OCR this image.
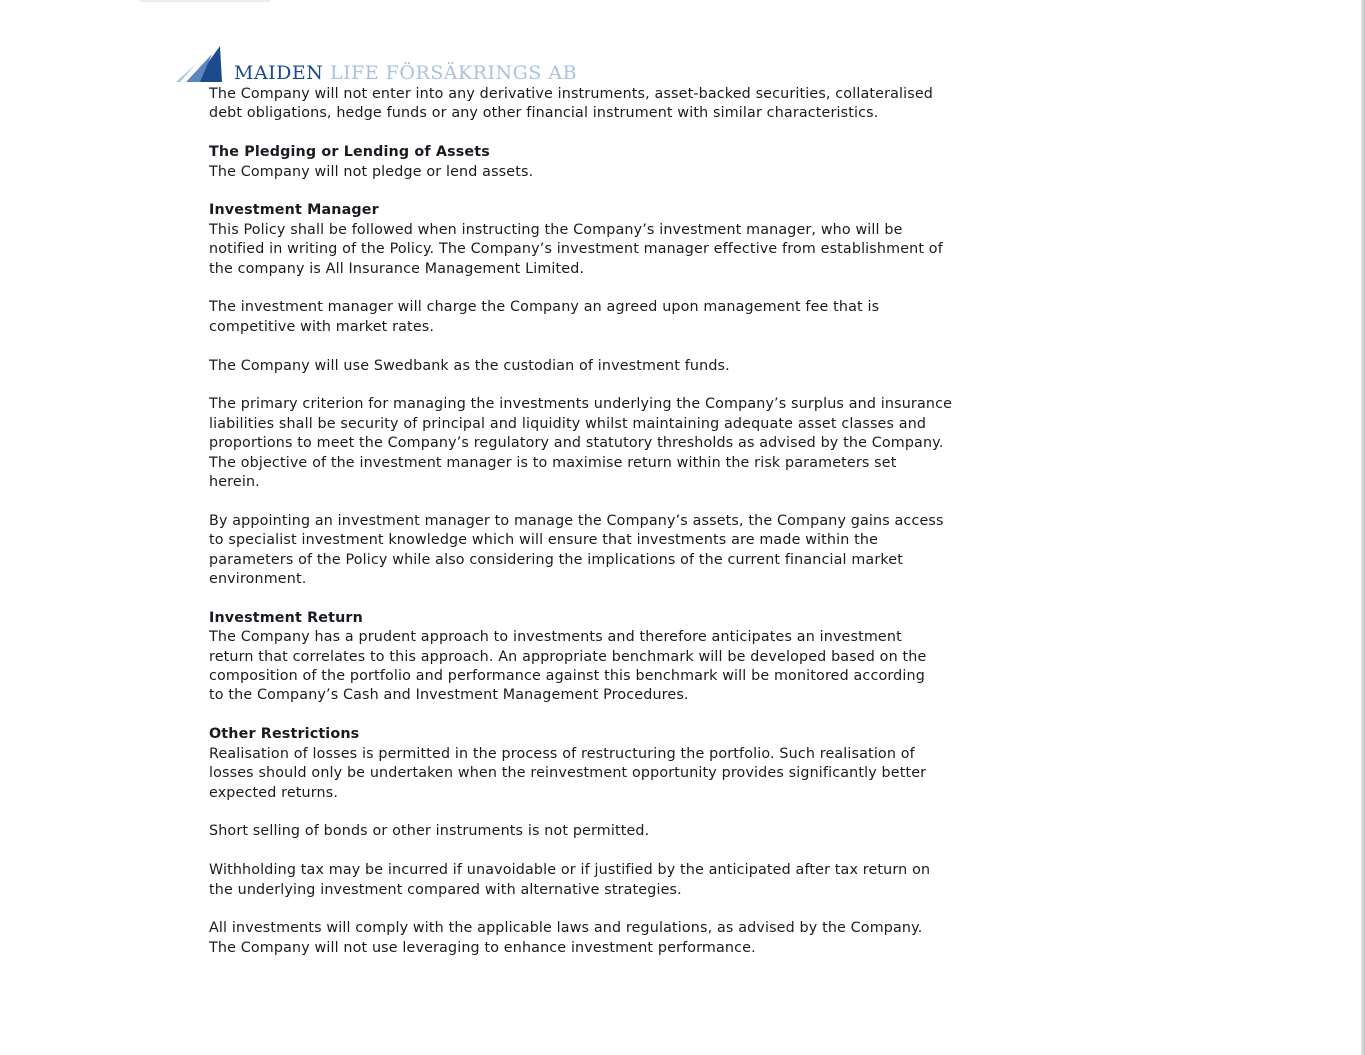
MAIDEN LIFE FÖRSÄKRINGS AB

The Company will not enter into any derivative instruments, asset-backed securities, collateralised
debt obligations, hedge funds or any other financial instrument with similar characteristics.

The Pledging or Lending of Assets

The Company will not pledge or lend assets.

Investment Manager

This Policy shall be followed when instructing the Company’s investment manager, who will be
notified in writing of the Policy. The Company’s investment manager effective from establishment of
the company is All Insurance Management Limited.

The investment manager will charge the Company an agreed upon management fee that is
competitive with market rates.

The Company will use Swedbank as the custodian of investment funds.

The primary criterion for managing the investments underlying the Company’s surplus and insurance
liabilities shall be security of principal and liquidity whilst maintaining adequate asset classes and
proportions to meet the Company’s regulatory and statutory thresholds as advised by the Company.
The objective of the investment manager is to maximise return within the risk parameters set
herein.

By appointing an investment manager to manage the Company’s assets, the Company gains access
to specialist investment knowledge which will ensure that investments are made within the
parameters of the Policy while also considering the implications of the current financial market
environment.

Investment Return

The Company has a prudent approach to investments and therefore anticipates an investment
return that correlates to this approach. An appropriate benchmark will be developed based on the
composition of the portfolio and performance against this benchmark will be monitored according
to the Company’s Cash and Investment Management Procedures.

Other Restrictions

Realisation of losses is permitted in the process of restructuring the portfolio. Such realisation of
losses should only be undertaken when the reinvestment opportunity provides significantly better
expected returns.

Short selling of bonds or other instruments is not permitted.

Withholding tax may be incurred if unavoidable or if justified by the anticipated after tax return on
the underlying investment compared with alternative strategies.

All investments will comply with the applicable laws and regulations, as advised by the Company.
The Company will not use leveraging to enhance investment performance.
